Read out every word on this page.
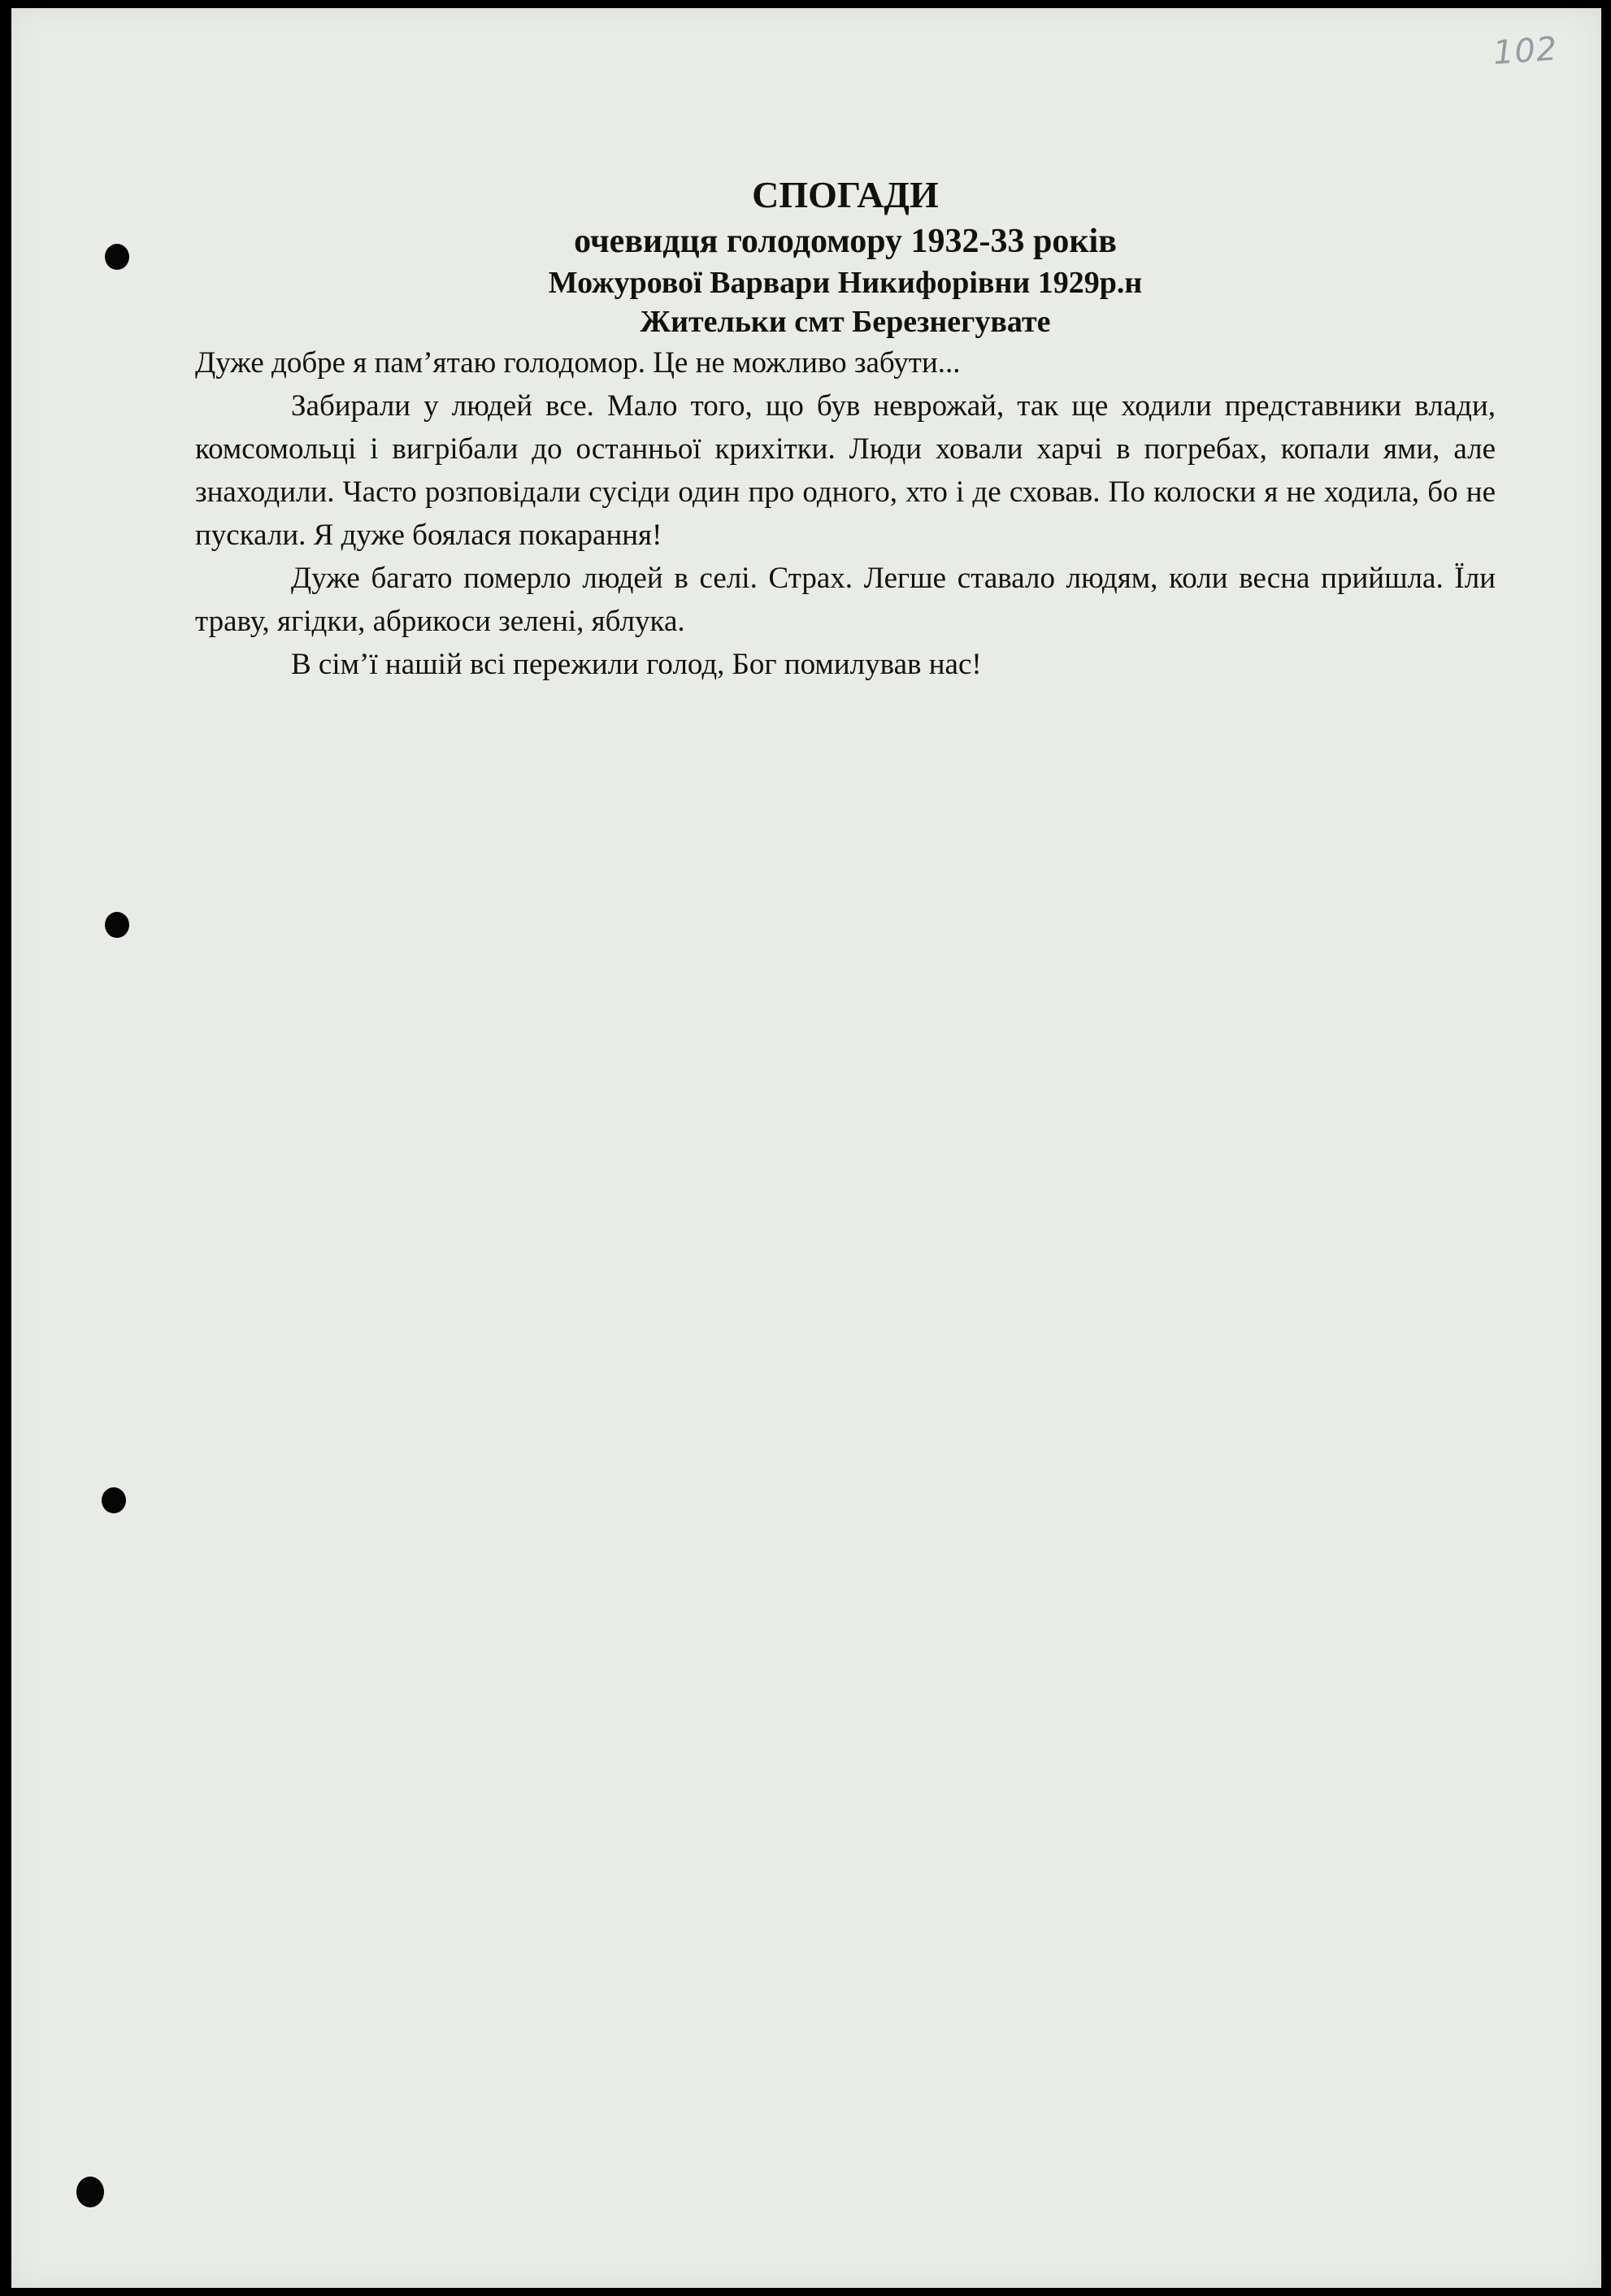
102
СПОГАДИ

очевидця голодомору 1932-33 років

Можурової Варвари Никифорівни 1929р.н

Жительки смт Березнегувате

Дуже добре я пам’ятаю голодомор. Це не можливо забути...

Забирали у людей все. Мало того, що був неврожай, так ще ходили представники влади, комсомольці і вигрібали до останньої крихітки. Люди ховали харчі в погребах, копали ями, але знаходили. Часто розповідали сусіди один про одного, хто і де сховав. По колоски я не ходила, бо не пускали. Я дуже боялася покарання!

Дуже багато померло людей в селі. Страх. Легше ставало людям, коли весна прийшла. Їли траву, ягідки, абрикоси зелені, яблука.

В сім’ї нашій всі пережили голод, Бог помилував нас!
